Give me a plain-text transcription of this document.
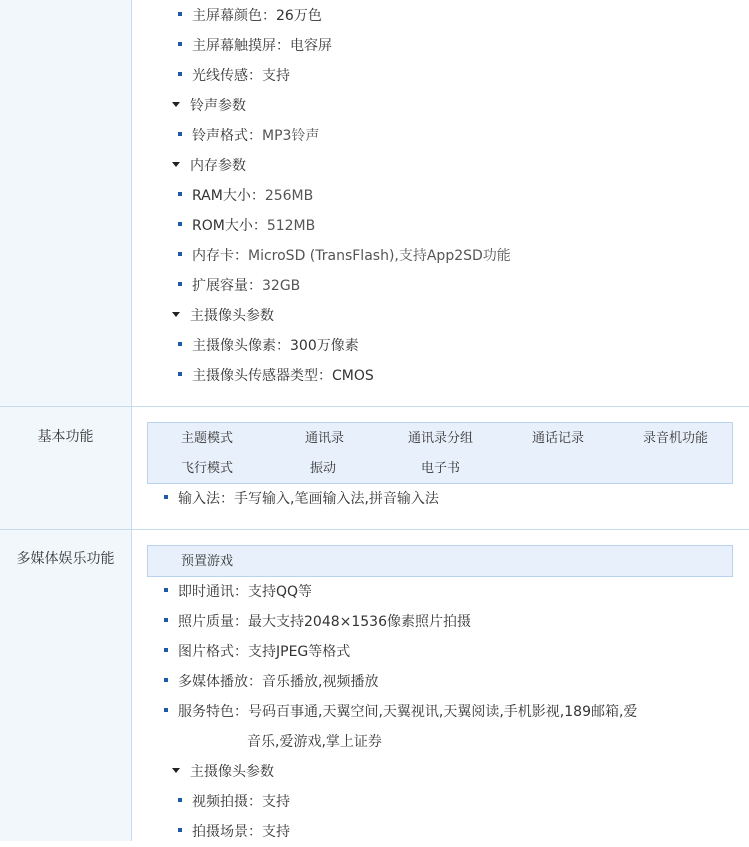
主屏幕颜色：26万色
主屏幕触摸屏：电容屏
光线传感：支持
铃声参数
铃声格式：MP3铃声
内存参数
RAM大小：256MB
ROM大小：512MB
内存卡：MicroSD (TransFlash),支持App2SD功能
扩展容量：32GB
主摄像头参数
主摄像头像素：300万像素
主摄像头传感器类型：CMOS
基本功能	主题模式	通讯录	通讯录分组	通话记录	录音机功能
飞行模式	振动	电子书
输入法：手写输入,笔画输入法,拼音输入法
多媒体娱乐功能	预置游戏
即时通讯：支持QQ等
照片质量：最大支持2048×1536像素照片拍摄
图片格式：支持JPEG等格式
多媒体播放：音乐播放,视频播放
服务特色：号码百事通,天翼空间,天翼视讯,天翼阅读,手机影视,189邮箱,爱
音乐,爱游戏,掌上证券
主摄像头参数
视频拍摄：支持
拍摄场景：支持
